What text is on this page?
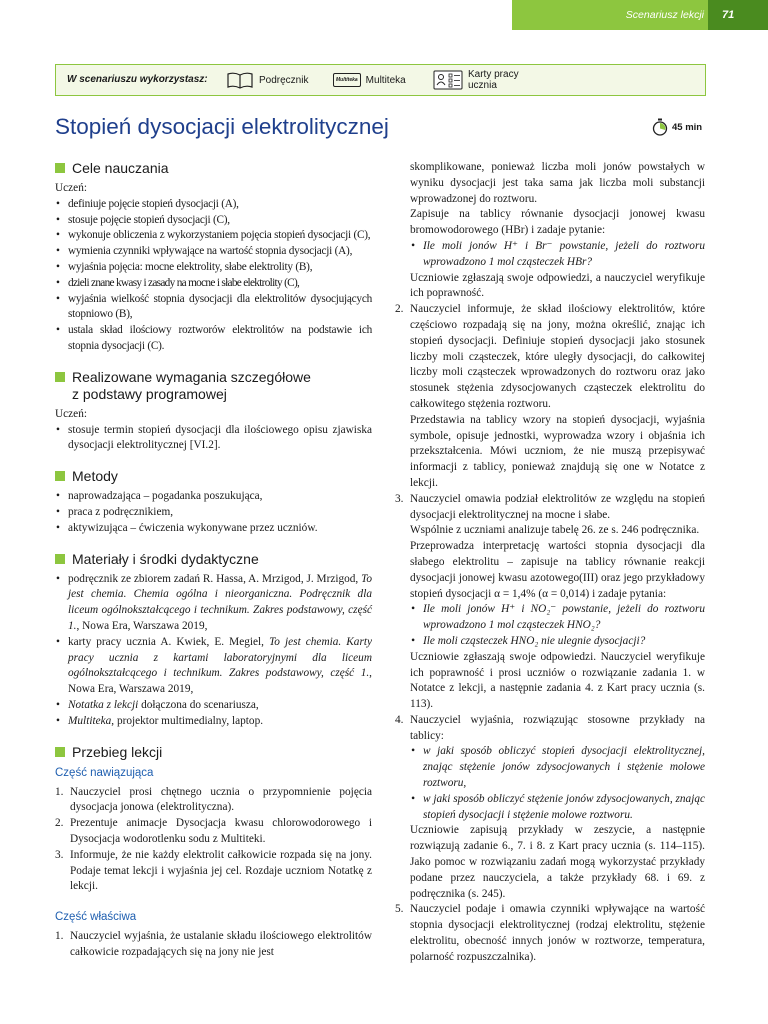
Scenariusz lekcji 71
W scenariuszu wykorzystasz:	Podręcznik	Multiteka Multiteka	Karty pracy
ucznia
Stopień dysocjacji elektrolitycznej	45 min
Cele nauczania

Uczeń:

• definiuje pojęcie stopień dysocjacji (A),
• stosuje pojęcie stopień dysocjacji (C),
• wykonuje obliczenia z wykorzystaniem pojęcia stopień dysocjacji (C),
• wymienia czynniki wpływające na wartość stopnia dysocjacji (A),
• wyjaśnia pojęcia: mocne elektrolity, słabe elektrolity (B),
• dzieli znane kwasy i zasady na mocne i słabe elektrolity (C),
• wyjaśnia wielkość stopnia dysocjacji dla elektrolitów dysocjujących stopniowo (B),
• ustala skład ilościowy roztworów elektrolitów na podstawie ich stopnia dysocjacji (C).
Realizowane wymagania szczegółowe
z podstawy programowej

Uczeń:

• stosuje termin stopień dysocjacji dla ilościowego opisu zjawiska dysocjacji elektrolitycznej [VI.2].
Metody
• naprowadzająca – pogadanka poszukująca,
• praca z podręcznikiem,
• aktywizująca – ćwiczenia wykonywane przez uczniów.
Materiały i środki dydaktyczne
• podręcznik ze zbiorem zadań R. Hassa, A. Mrzigod, J. Mrzigod, To jest chemia. Chemia ogólna i nieorganiczna. Podręcznik dla liceum ogólnokształcącego i technikum. Zakres podstawowy, część 1., Nowa Era, Warszawa 2019,
• karty pracy ucznia A. Kwiek, E. Megiel, To jest chemia. Karty pracy ucznia z kartami laboratoryjnymi dla liceum ogólnokształcącego i technikum. Zakres podstawowy, część 1., Nowa Era, Warszawa 2019,
• Notatka z lekcji dołączona do scenariusza,
• Multiteka, projektor multimedialny, laptop.
Przebieg lekcji
Część nawiązująca
1. Nauczyciel prosi chętnego ucznia o przypomnienie pojęcia dysocjacja jonowa (elektrolityczna).
2. Prezentuje animacje Dysocjacja kwasu chlorowodorowego i Dysocjacja wodorotlenku sodu z Multiteki.
3. Informuje, że nie każdy elektrolit całkowicie rozpada się na jony. Podaje temat lekcji i wyjaśnia jej cel. Rozdaje uczniom Notatkę z lekcji.
Część właściwa
1. Nauczyciel wyjaśnia, że ustalanie składu ilościowego elektrolitów całkowicie rozpadających się na jony nie jest

skomplikowane, ponieważ liczba moli jonów powstałych w wyniku dysocjacji jest taka sama jak liczba moli substancji wprowadzonej do roztworu.

Zapisuje na tablicy równanie dysocjacji jonowej kwasu bromowodorowego (HBr) i zadaje pytanie:

• Ile moli jonów H⁺ i Br⁻ powstanie, jeżeli do roztworu wprowadzono 1 mol cząsteczek HBr?

Uczniowie zgłaszają swoje odpowiedzi, a nauczyciel weryfikuje ich poprawność.

2. Nauczyciel informuje, że skład ilościowy elektrolitów, które częściowo rozpadają się na jony, można określić, znając ich stopień dysocjacji. Definiuje stopień dysocjacji jako stosunek liczby moli cząsteczek, które uległy dysocjacji, do całkowitej liczby moli cząsteczek wprowadzonych do roztworu oraz jako stosunek stężenia zdysocjowanych cząsteczek elektrolitu do całkowitego stężenia roztworu.

Przedstawia na tablicy wzory na stopień dysocjacji, wyjaśnia symbole, opisuje jednostki, wyprowadza wzory i objaśnia ich przekształcenia. Mówi uczniom, że nie muszą przepisywać informacji z tablicy, ponieważ znajdują się one w Notatce z lekcji.

3. Nauczyciel omawia podział elektrolitów ze względu na stopień dysocjacji elektrolitycznej na mocne i słabe.

Wspólnie z uczniami analizuje tabelę 26. ze s. 246 podręcznika.

Przeprowadza interpretację wartości stopnia dysocjacji dla słabego elektrolitu – zapisuje na tablicy równanie reakcji dysocjacji jonowej kwasu azotowego(III) oraz jego przykładowy stopień dysocjacji α = 1,4% (α = 0,014) i zadaje pytania:

• Ile moli jonów H⁺ i NO₂⁻ powstanie, jeżeli do roztworu wprowadzono 1 mol cząsteczek HNO₂?
• Ile moli cząsteczek HNO₂ nie ulegnie dysocjacji?

Uczniowie zgłaszają swoje odpowiedzi. Nauczyciel weryfikuje ich poprawność i prosi uczniów o rozwiązanie zadania 1. w Notatce z lekcji, a następnie zadania 4. z Kart pracy ucznia (s. 113).

4. Nauczyciel wyjaśnia, rozwiązując stosowne przykłady na tablicy:
• w jaki sposób obliczyć stopień dysocjacji elektrolitycznej, znając stężenie jonów zdysocjowanych i stężenie molowe roztworu,
• w jaki sposób obliczyć stężenie jonów zdysocjowanych, znając stopień dysocjacji i stężenie molowe roztworu.

Uczniowie zapisują przykłady w zeszycie, a następnie rozwiązują zadanie 6., 7. i 8. z Kart pracy ucznia (s. 114–115). Jako pomoc w rozwiązaniu zadań mogą wykorzystać przykłady podane przez nauczyciela, a także przykłady 68. i 69. z podręcznika (s. 245).

5. Nauczyciel podaje i omawia czynniki wpływające na wartość stopnia dysocjacji elektrolitycznej (rodzaj elektrolitu, stężenie elektrolitu, obecność innych jonów w roztworze, temperatura, polarność rozpuszczalnika).
